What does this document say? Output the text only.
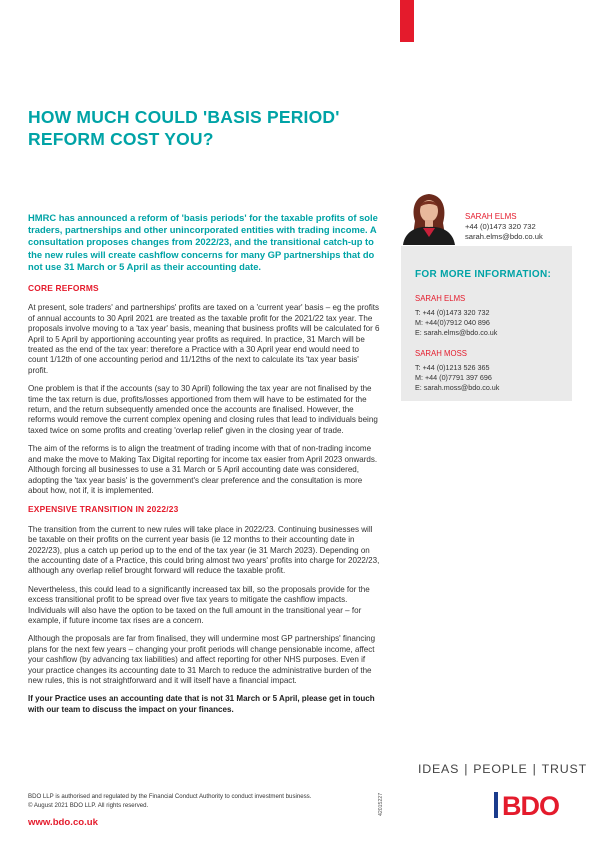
HOW MUCH COULD 'BASIS PERIOD'
REFORM COST YOU?

HMRC has announced a reform of 'basis periods' for the taxable profits of sole traders, partnerships and other unincorporated entities with trading income. A consultation proposes changes from 2022/23, and the transitional catch-up to the new rules will create cashflow concerns for many GP partnerships that do not use 31 March or 5 April as their accounting date.

CORE REFORMS

At present, sole traders' and partnerships' profits are taxed on a 'current year' basis – eg the profits of annual accounts to 30 April 2021 are treated as the taxable profit for the 2021/22 tax year. The proposals involve moving to a 'tax year' basis, meaning that business profits will be calculated for 6 April to 5 April by apportioning accounting year profits as required. In practice, 31 March will be treated as the end of the tax year: therefore a Practice with a 30 April year end would need to count 1/12th of one accounting period and 11/12ths of the next to calculate its 'tax year basis' profit.

One problem is that if the accounts (say to 30 April) following the tax year are not finalised by the time the tax return is due, profits/losses apportioned from them will have to be estimated for the return, and the return subsequently amended once the accounts are finalised. However, the reforms would remove the current complex opening and closing rules that lead to individuals being taxed twice on some profits and creating 'overlap relief' given in the closing year of trade.

The aim of the reforms is to align the treatment of trading income with that of non-trading income and make the move to Making Tax Digital reporting for income tax easier from April 2023 onwards. Although forcing all businesses to use a 31 March or 5 April accounting date was considered, adopting the 'tax year basis' is the government's clear preference and the consultation is more about how, not if, it is implemented.

EXPENSIVE TRANSITION IN 2022/23

The transition from the current to new rules will take place in 2022/23. Continuing businesses will be taxable on their profits on the current year basis (ie 12 months to their accounting date in 2022/23), plus a catch up period up to the end of the tax year (ie 31 March 2023). Depending on the accounting date of a Practice, this could bring almost two years' profits into charge for 2022/23, although any overlap relief brought forward will reduce the taxable profit.

Nevertheless, this could lead to a significantly increased tax bill, so the proposals provide for the excess transitional profit to be spread over five tax years to mitigate the cashflow impacts. Individuals will also have the option to be taxed on the full amount in the transitional year – for example, if future income tax rises are a concern.

Although the proposals are far from finalised, they will undermine most GP partnerships' financing plans for the next few years – changing your profit periods will change pensionable income, affect your cashflow (by advancing tax liabilities) and affect reporting for other NHS purposes. Even if your practice changes its accounting date to 31 March to reduce the administrative burden of the new rules, this is not straightforward and it will itself have a financial impact.

If your Practice uses an accounting date that is not 31 March or 5 April, please get in touch with our team to discuss the impact on your finances.

SARAH ELMS
+44 (0)1473 320 732
sarah.elms@bdo.co.uk
FOR MORE INFORMATION:
SARAH ELMS
T: +44 (0)1473 320 732
M: +44(0)7912 040 896
E: sarah.elms@bdo.co.uk
SARAH MOSS
T: +44 (0)1213 526 365
M: +44 (0)7791 397 696
E: sarah.moss@bdo.co.uk
IDEAS | PEOPLE | TRUST
BDO
BDO LLP is authorised and regulated by the Financial Conduct Authority to conduct investment business.
© August 2021 BDO LLP. All rights reserved.
www.bdo.co.uk
42015227
